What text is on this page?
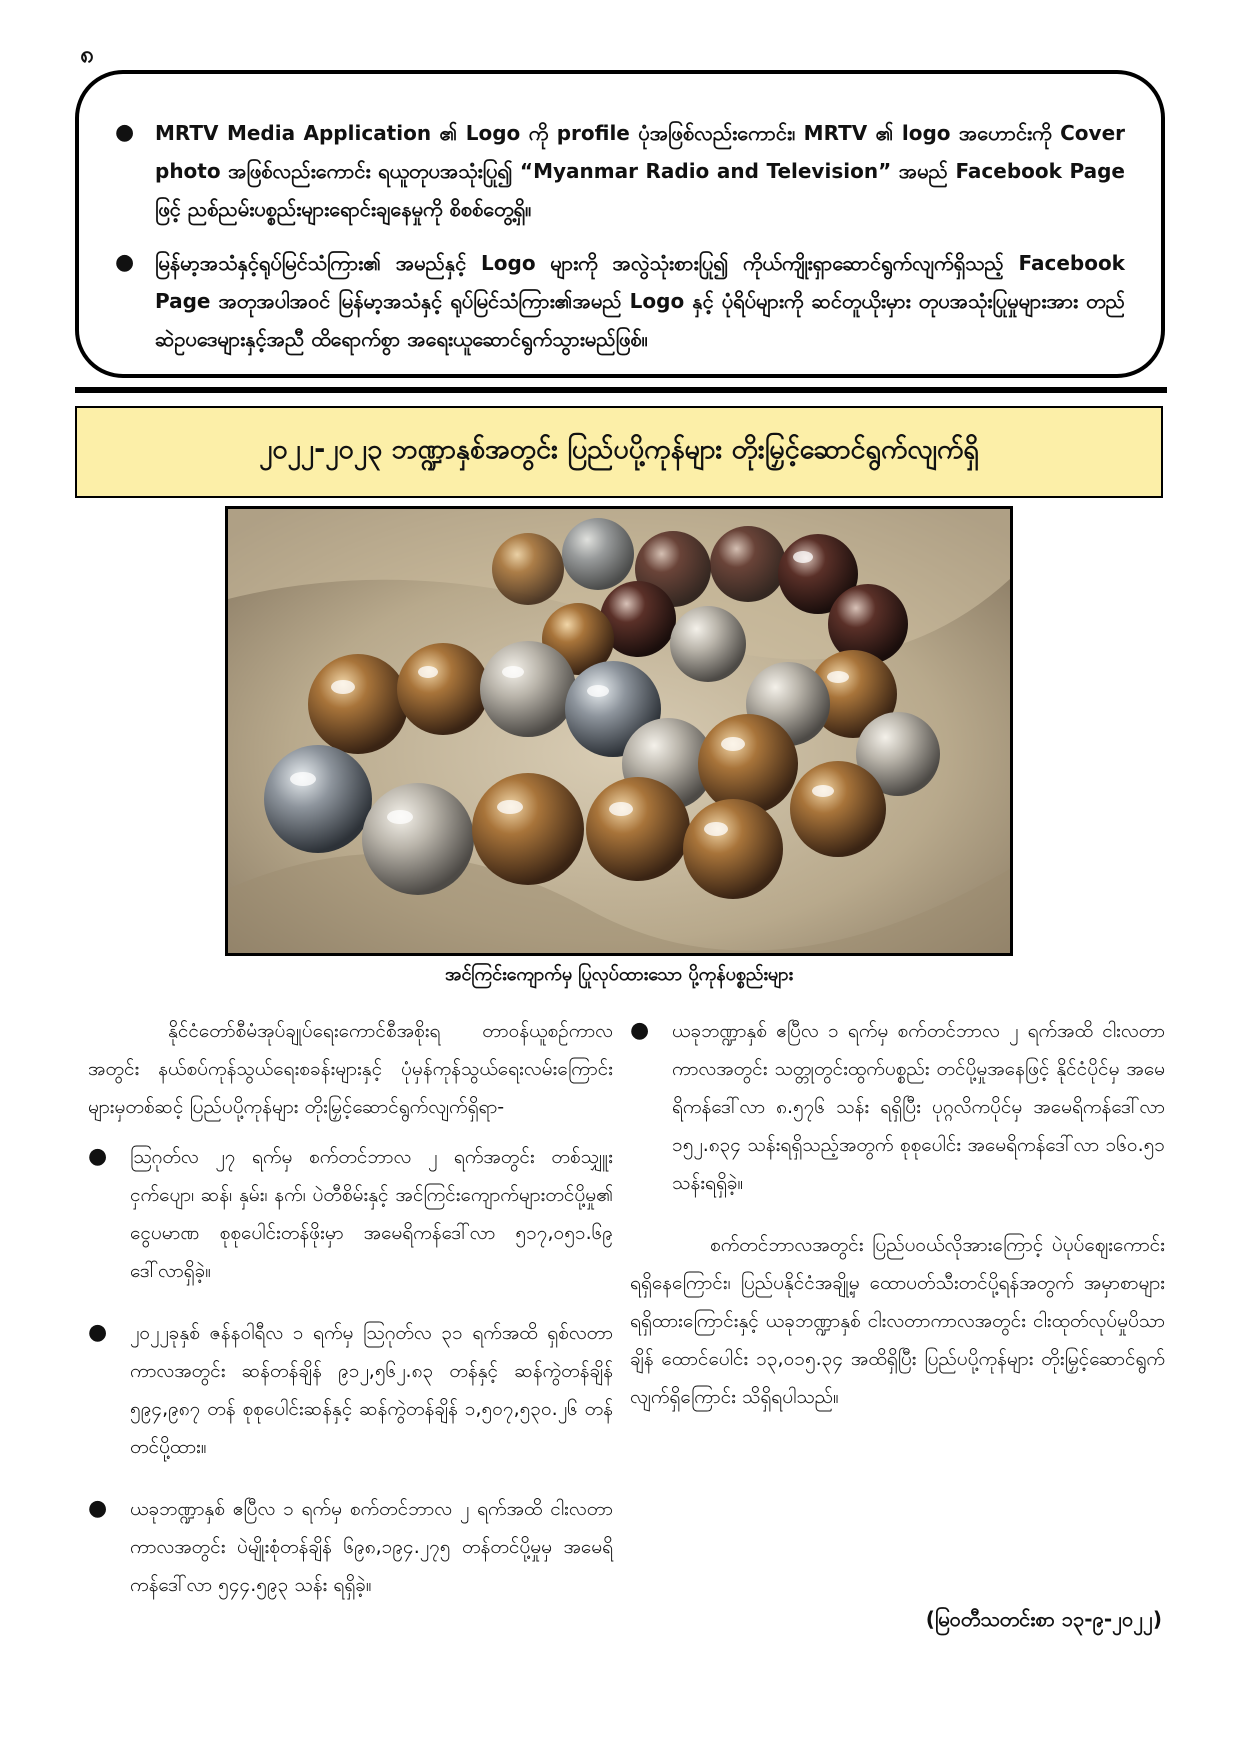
၈
● MRTV Media Application ၏ Logo ကို profile ပုံအဖြစ်လည်းကောင်း၊ MRTV ၏ logo အဟောင်းကို Cover photo အဖြစ်လည်းကောင်း ရယူတုပအသုံးပြု၍ “Myanmar Radio and Television” အမည် Facebook Page ဖြင့် ညစ်ညမ်းပစ္စည်းများရောင်းချနေမှုကို စိစစ်တွေ့ရှိ။
● မြန်မာ့အသံနှင့်ရုပ်မြင်သံကြား၏ အမည်နှင့် Logo များကို အလွဲသုံးစားပြု၍ ကိုယ်ကျိုးရှာဆောင်ရွက်လျက်ရှိသည့် Facebook Page အတုအပါအဝင် မြန်မာ့အသံနှင့် ရုပ်မြင်သံကြား၏အမည် Logo နှင့် ပုံရိပ်များကို ဆင်တူယိုးမှား တုပအသုံးပြုမှုများအား တည်ဆဲဥပဒေများနှင့်အညီ ထိရောက်စွာ အရေးယူဆောင်ရွက်သွားမည်ဖြစ်။
၂၀၂၂-၂၀၂၃ ဘဏ္ဍာနှစ်အတွင်း ပြည်ပပို့ကုန်များ တိုးမြှင့်ဆောင်ရွက်လျက်ရှိ
အင်ကြင်းကျောက်မှ ပြုလုပ်ထားသော ပို့ကုန်ပစ္စည်းများ

နိုင်ငံတော်စီမံအုပ်ချုပ်ရေးကောင်စီအစိုးရ တာဝန်ယူစဉ်ကာလအတွင်း နယ်စပ်ကုန်သွယ်ရေးစခန်းများနှင့် ပုံမှန်ကုန်သွယ်ရေးလမ်းကြောင်းများမှတစ်ဆင့် ပြည်ပပို့ကုန်များ တိုးမြှင့်ဆောင်ရွက်လျက်ရှိရာ-

● ဩဂုတ်လ ၂၇ ရက်မှ စက်တင်ဘာလ ၂ ရက်အတွင်း တစ်သျှူးငှက်ပျော၊ ဆန်၊ နှမ်း၊ နက်၊ ပဲတီစိမ်းနှင့် အင်ကြင်းကျောက်များတင်ပို့မှု၏ ငွေပမာဏ စုစုပေါင်းတန်ဖိုးမှာ အမေရိကန်ဒေါ်လာ ၅၁၇,၀၅၁.၆၉ ဒေါ်လာရှိခဲ့။
● ၂၀၂၂ခုနှစ် ဇန်နဝါရီလ ၁ ရက်မှ ဩဂုတ်လ ၃၁ ရက်အထိ ရှစ်လတာကာလအတွင်း ဆန်တန်ချိန် ၉၁၂,၅၆၂.၈၃ တန်နှင့် ဆန်ကွဲတန်ချိန် ၅၉၄,၉၈၇ တန် စုစုပေါင်းဆန်နှင့် ဆန်ကွဲတန်ချိန် ၁,၅၀၇,၅၃၀.၂၆ တန် တင်ပို့ထား။
● ယခုဘဏ္ဍာနှစ် ဧပြီလ ၁ ရက်မှ စက်တင်ဘာလ ၂ ရက်အထိ ငါးလတာကာလအတွင်း ပဲမျိုးစုံတန်ချိန် ၆၉၈,၁၉၄.၂၇၅ တန်တင်ပို့မှုမှ အမေရိကန်ဒေါ်လာ ၅၄၄.၅၉၃ သန်း ရရှိခဲ့။
● ယခုဘဏ္ဍာနှစ် ဧပြီလ ၁ ရက်မှ စက်တင်ဘာလ ၂ ရက်အထိ ငါးလတာကာလအတွင်း သတ္တုတွင်းထွက်ပစ္စည်း တင်ပို့မှုအနေဖြင့် နိုင်ငံပိုင်မှ အမေရိကန်ဒေါ်လာ ၈.၅၇၆ သန်း ရရှိပြီး ပုဂ္ဂလိကပိုင်မှ အမေရိကန်ဒေါ်လာ ၁၅၂.၈၃၄ သန်းရရှိသည့်အတွက် စုစုပေါင်း အမေရိကန်ဒေါ်လာ ၁၆၀.၅၁ သန်းရရှိခဲ့။

စက်တင်ဘာလအတွင်း ပြည်ပဝယ်လိုအားကြောင့် ပဲပုပ်ဈေးကောင်းရရှိနေကြောင်း၊ ပြည်ပနိုင်ငံအချို့မှ ထောပတ်သီးတင်ပို့ရန်အတွက် အမှာစာများ ရရှိထားကြောင်းနှင့် ယခုဘဏ္ဍာနှစ် ငါးလတာကာလအတွင်း ငါးထုတ်လုပ်မှုပိသာချိန် ထောင်ပေါင်း ၁၃,၀၁၅.၃၄ အထိရှိပြီး ပြည်ပပို့ကုန်များ တိုးမြှင့်ဆောင်ရွက်လျက်ရှိကြောင်း သိရှိရပါသည်။

(မြဝတီသတင်းစာ ၁၃-၉-၂၀၂၂)
